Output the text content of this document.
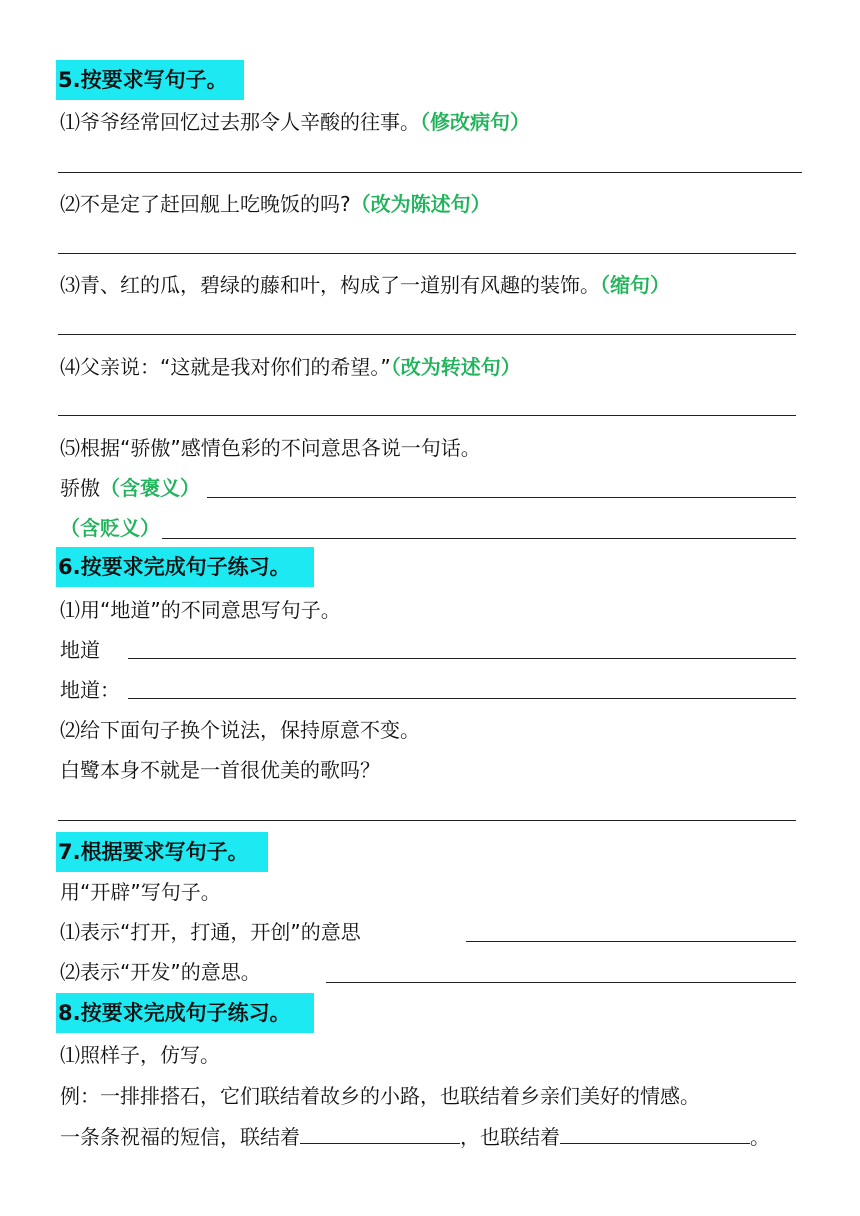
5.按要求写句子。
⑴爷爷经常回忆过去那令人辛酸的往事。（修改病句）
⑵不是定了赶回舰上吃晚饭的吗?（改为陈述句）
⑶青、红的瓜，碧绿的藤和叶，构成了一道别有风趣的装饰。（缩句）
⑷父亲说：“这就是我对你们的希望。”（改为转述句）
⑸根据“骄傲”感情色彩的不问意思各说一句话。
骄傲（含褒义）
（含贬义）
6.按要求完成句子练习。
⑴用“地道”的不同意思写句子。
地道
地道：
⑵给下面句子换个说法，保持原意不变。
白鹭本身不就是一首很优美的歌吗？
7.根据要求写句子。
用“开辟”写句子。
⑴表示“打开，打通，开创”的意思
⑵表示“开发”的意思。
8.按要求完成句子练习。
⑴照样子，仿写。
例：一排排搭石，它们联结着故乡的小路，也联结着乡亲们美好的情感。
一条条祝福的短信，联结着	，也联结着	。
